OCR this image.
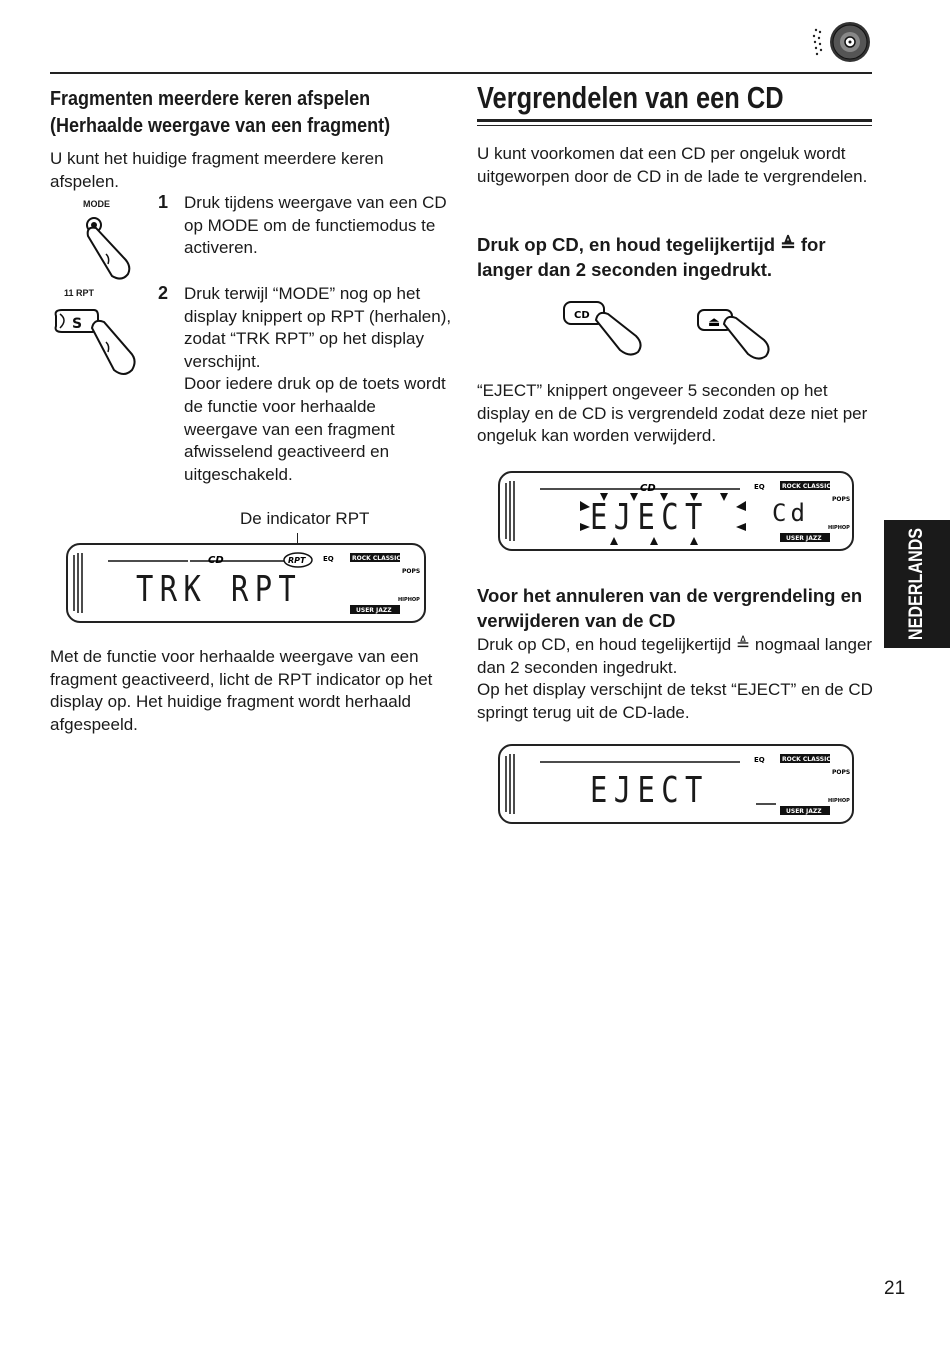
Fragmenten meerdere keren afspelen (Herhaalde weergave van een fragment)
U kunt het huidige fragment meerdere keren afspelen.
MODE	1 Druk tijdens weergave van een CD op MODE om de functiemodus te activeren.
11 RPT
S
2 Druk terwijl “MODE” nog op het display knippert op RPT (herhalen), zodat “TRK RPT” op het display verschijnt.
Door iedere druk op de toets wordt de functie voor herhaalde weergave van een fragment afwisselend geactiveerd en uitgeschakeld.
De indicator RPT
CD	RPT	EQ	ROCK CLASSIC
POPS
HIPHOP
USER JAZZ
TRK RPT
Met de functie voor herhaalde weergave van een fragment geactiveerd, licht de RPT indicator op het display op. Het huidige fragment wordt herhaald afgespeeld.
Vergrendelen van een CD
U kunt voorkomen dat een CD per ongeluk wordt uitgeworpen door de CD in de lade te vergrendelen.
Druk op CD, en houd tegelijkertijd ≜ for langer dan 2 seconden ingedrukt.
CD	⏏
“EJECT” knippert ongeveer 5 seconden op het display en de CD is vergrendeld zodat deze niet per ongeluk kan worden verwijderd.
CD	EQ	ROCK CLASSIC
POPS
HIPHOP
USER JAZZ
EJECT	Cd
Voor het annuleren van de vergrendeling en verwijderen van de CD
Druk op CD, en houd tegelijkertijd ≜ nogmaal langer dan 2 seconden ingedrukt.
Op het display verschijnt de tekst “EJECT” en de CD springt terug uit de CD-lade.
EQ	ROCK CLASSIC
POPS
HIPHOP
USER JAZZ
EJECT
NEDERLANDS
21
